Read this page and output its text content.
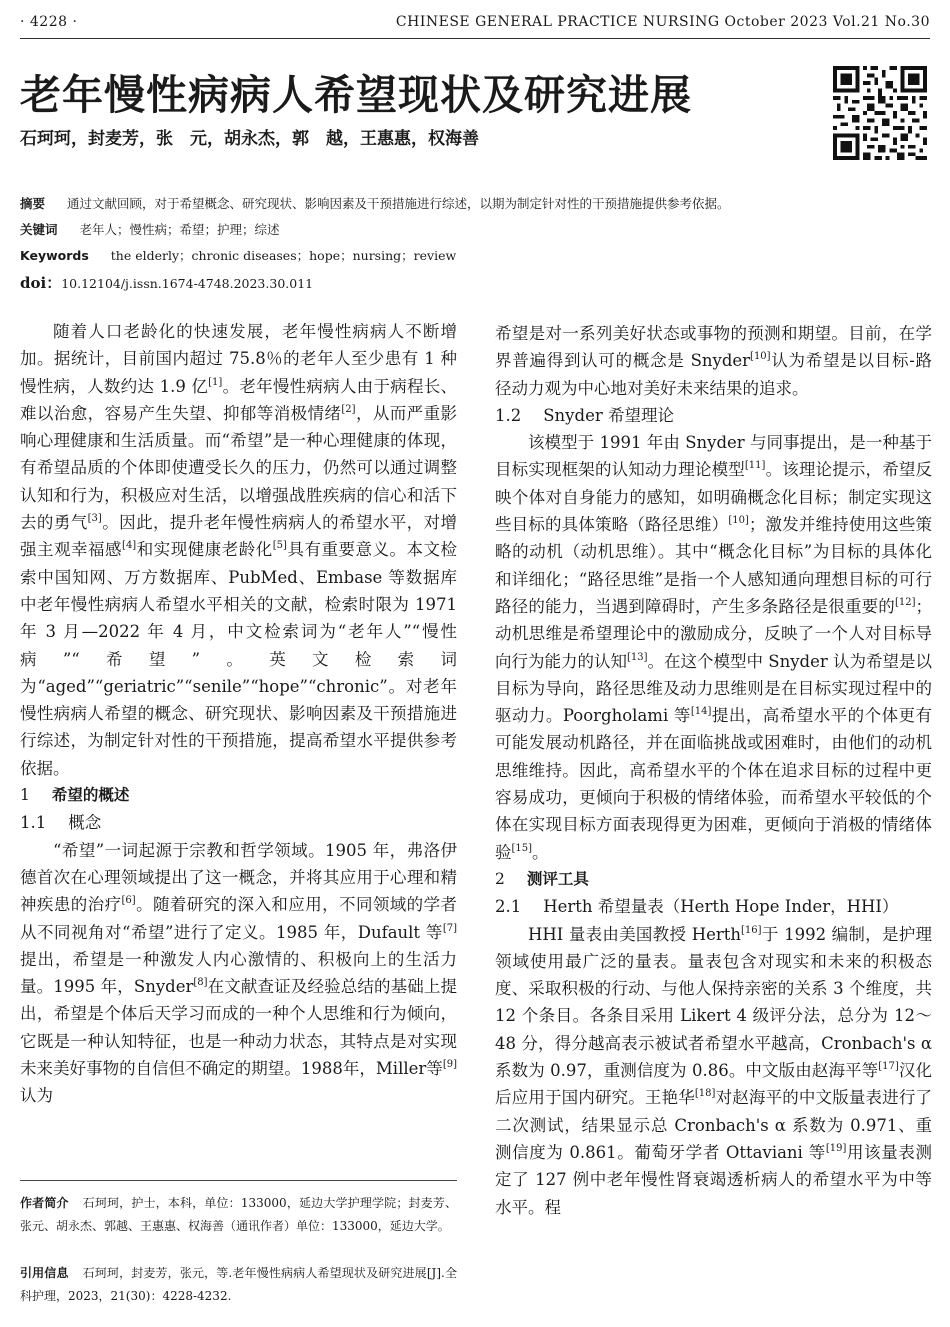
· 4228 ·	CHINESE GENERAL PRACTICE NURSING October 2023 Vol.21 No.30
老年慢性病病人希望现状及研究进展
石珂珂，封麦芳，张　元，胡永杰，郭　越，王惠惠，权海善
摘要 通过文献回顾，对于希望概念、研究现状、影响因素及干预措施进行综述，以期为制定针对性的干预措施提供参考依据。
关键词 老年人；慢性病；希望；护理；综述
Keywords the elderly；chronic diseases；hope；nursing；review
doi：10.12104/j.issn.1674-4748.2023.30.011

随着人口老龄化的快速发展，老年慢性病病人不断增加。据统计，目前国内超过 75.8％的老年人至少患有 1 种慢性病，人数约达 1.9 亿[1]。老年慢性病病人由于病程长、难以治愈，容易产生失望、抑郁等消极情绪[2]，从而严重影响心理健康和生活质量。而“希望”是一种心理健康的体现，有希望品质的个体即使遭受长久的压力，仍然可以通过调整认知和行为，积极应对生活，以增强战胜疾病的信心和活下去的勇气[3]。因此，提升老年慢性病病人的希望水平，对增强主观幸福感[4]和实现健康老龄化[5]具有重要意义。本文检索中国知网、万方数据库、PubMed、Embase 等数据库中老年慢性病病人希望水平相关的文献，检索时限为 1971 年 3 月—2022 年 4 月，中文检索词为“老年人”“慢性病”“希望”。英文检索词为“aged”“geriatric”“senile”“hope”“chronic”。对老年慢性病病人希望的概念、研究现状、影响因素及干预措施进行综述，为制定针对性的干预措施，提高希望水平提供参考依据。

1 希望的概述
1.1 概念

“希望”一词起源于宗教和哲学领域。1905 年，弗洛伊德首次在心理领域提出了这一概念，并将其应用于心理和精神疾患的治疗[6]。随着研究的深入和应用，不同领域的学者从不同视角对“希望”进行了定义。1985 年，Dufault 等[7]提出，希望是一种激发人内心激情的、积极向上的生活力量。1995 年，Snyder[8]在文献查证及经验总结的基础上提出，希望是个体后天学习而成的一种个人思维和行为倾向，它既是一种认知特征，也是一种动力状态，其特点是对实现未来美好事物的自信但不确定的期望。1988年，Miller等[9]认为

作者简介 石珂珂，护士，本科，单位：133000，延边大学护理学院；封麦芳、张元、胡永杰、郭越、王惠惠、权海善（通讯作者）单位：133000，延边大学。
引用信息 石珂珂，封麦芳，张元，等.老年慢性病病人希望现状及研究进展[J].全科护理，2023，21(30)：4228-4232.

希望是对一系列美好状态或事物的预测和期望。目前，在学界普遍得到认可的概念是 Snyder[10]认为希望是以目标-路径动力观为中心地对美好未来结果的追求。

1.2 Snyder 希望理论

该模型于 1991 年由 Snyder 与同事提出，是一种基于目标实现框架的认知动力理论模型[11]。该理论提示，希望反映个体对自身能力的感知，如明确概念化目标；制定实现这些目标的具体策略（路径思维）[10]；激发并维持使用这些策略的动机（动机思维）。其中“概念化目标”为目标的具体化和详细化；“路径思维”是指一个人感知通向理想目标的可行路径的能力，当遇到障碍时，产生多条路径是很重要的[12]；动机思维是希望理论中的激励成分，反映了一个人对目标导向行为能力的认知[13]。在这个模型中 Snyder 认为希望是以目标为导向，路径思维及动力思维则是在目标实现过程中的驱动力。Poorgholami 等[14]提出，高希望水平的个体更有可能发展动机路径，并在面临挑战或困难时，由他们的动机思维维持。因此，高希望水平的个体在追求目标的过程中更容易成功，更倾向于积极的情绪体验，而希望水平较低的个体在实现目标方面表现得更为困难，更倾向于消极的情绪体验[15]。

2 测评工具
2.1 Herth 希望量表（Herth Hope Inder，HHI）

HHI 量表由美国教授 Herth[16]于 1992 编制，是护理领域使用最广泛的量表。量表包含对现实和未来的积极态度、采取积极的行动、与他人保持亲密的关系 3 个维度，共 12 个条目。各条目采用 Likert 4 级评分法，总分为 12～48 分，得分越高表示被试者希望水平越高，Cronbach's α 系数为 0.97，重测信度为 0.86。中文版由赵海平等[17]汉化后应用于国内研究。王艳华[18]对赵海平的中文版量表进行了二次测试，结果显示总 Cronbach's α 系数为 0.971、重测信度为 0.861。葡萄牙学者 Ottaviani 等[19]用该量表测定了 127 例中老年慢性肾衰竭透析病人的希望水平为中等水平。程
